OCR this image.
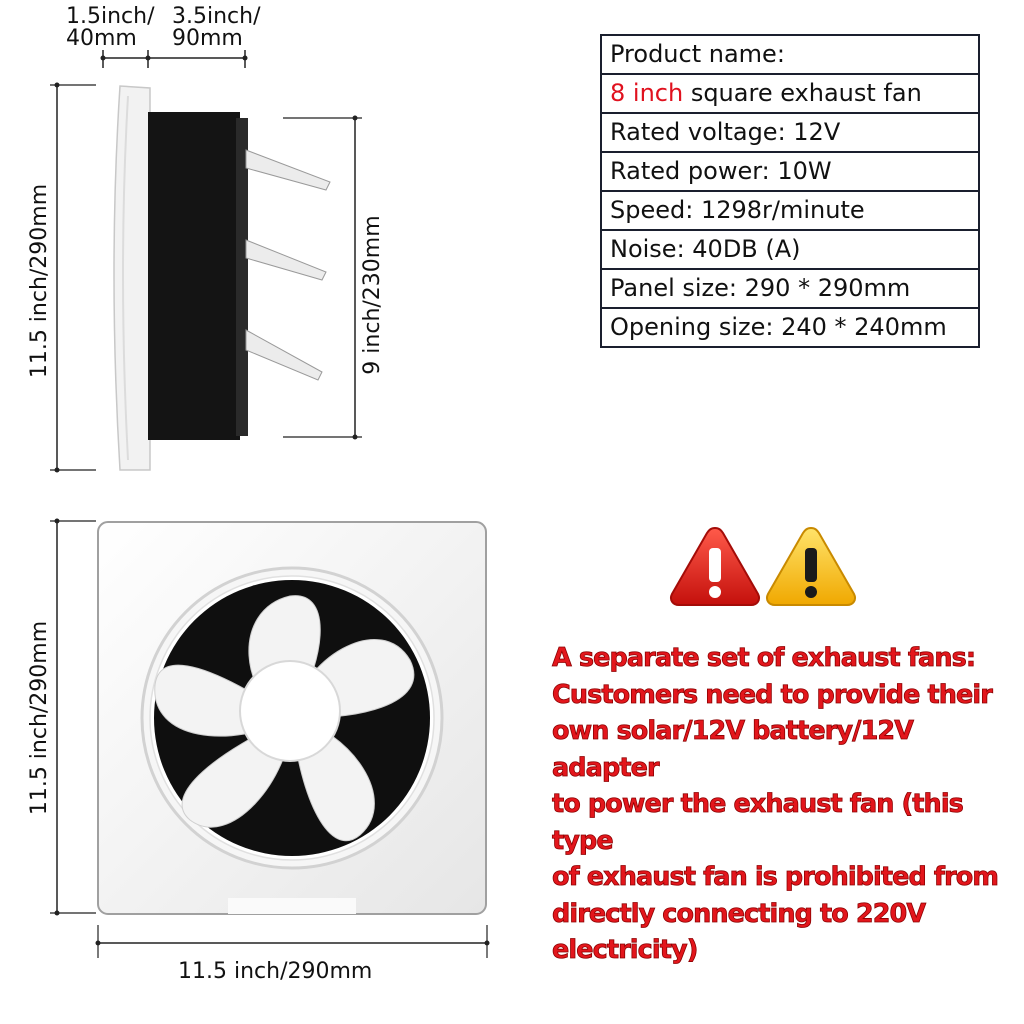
1.5inch/
40mm
3.5inch/
90mm
11.5 inch/290mm	9 inch/230mm
11.5 inch/290mm
11.5 inch/290mm
Product name:
8 inch square exhaust fan
Rated voltage: 12V
Rated power: 10W
Speed: 1298r/minute
Noise: 40DB (A)
Panel size: 290 * 290mm
Opening size: 240 * 240mm
A separate set of exhaust fans:
Customers need to provide their
own solar/12V battery/12V adapter
to power the exhaust fan (this type
of exhaust fan is prohibited from
directly connecting to 220V
electricity)
